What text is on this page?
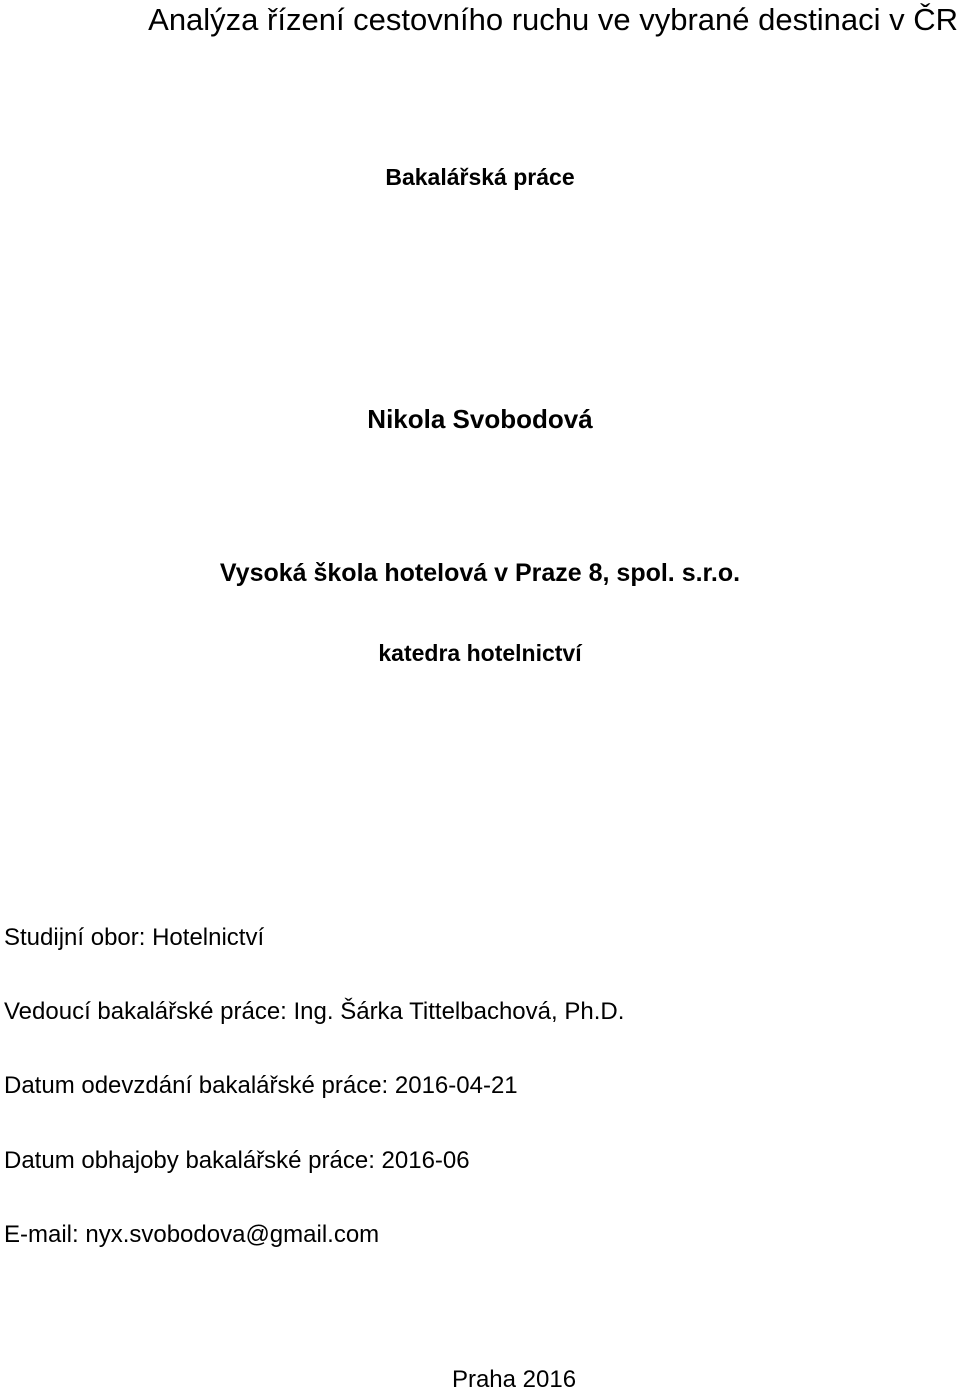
Analýza řízení cestovního ruchu ve vybrané destinaci v ČR
Bakalářská práce
Nikola Svobodová
Vysoká škola hotelová v Praze 8, spol. s.r.o.
katedra hotelnictví
Studijní obor: Hotelnictví
Vedoucí bakalářské práce: Ing. Šárka Tittelbachová, Ph.D.
Datum odevzdání bakalářské práce: 2016-04-21
Datum obhajoby bakalářské práce: 2016-06
E-mail: nyx.svobodova@gmail.com
Praha 2016
